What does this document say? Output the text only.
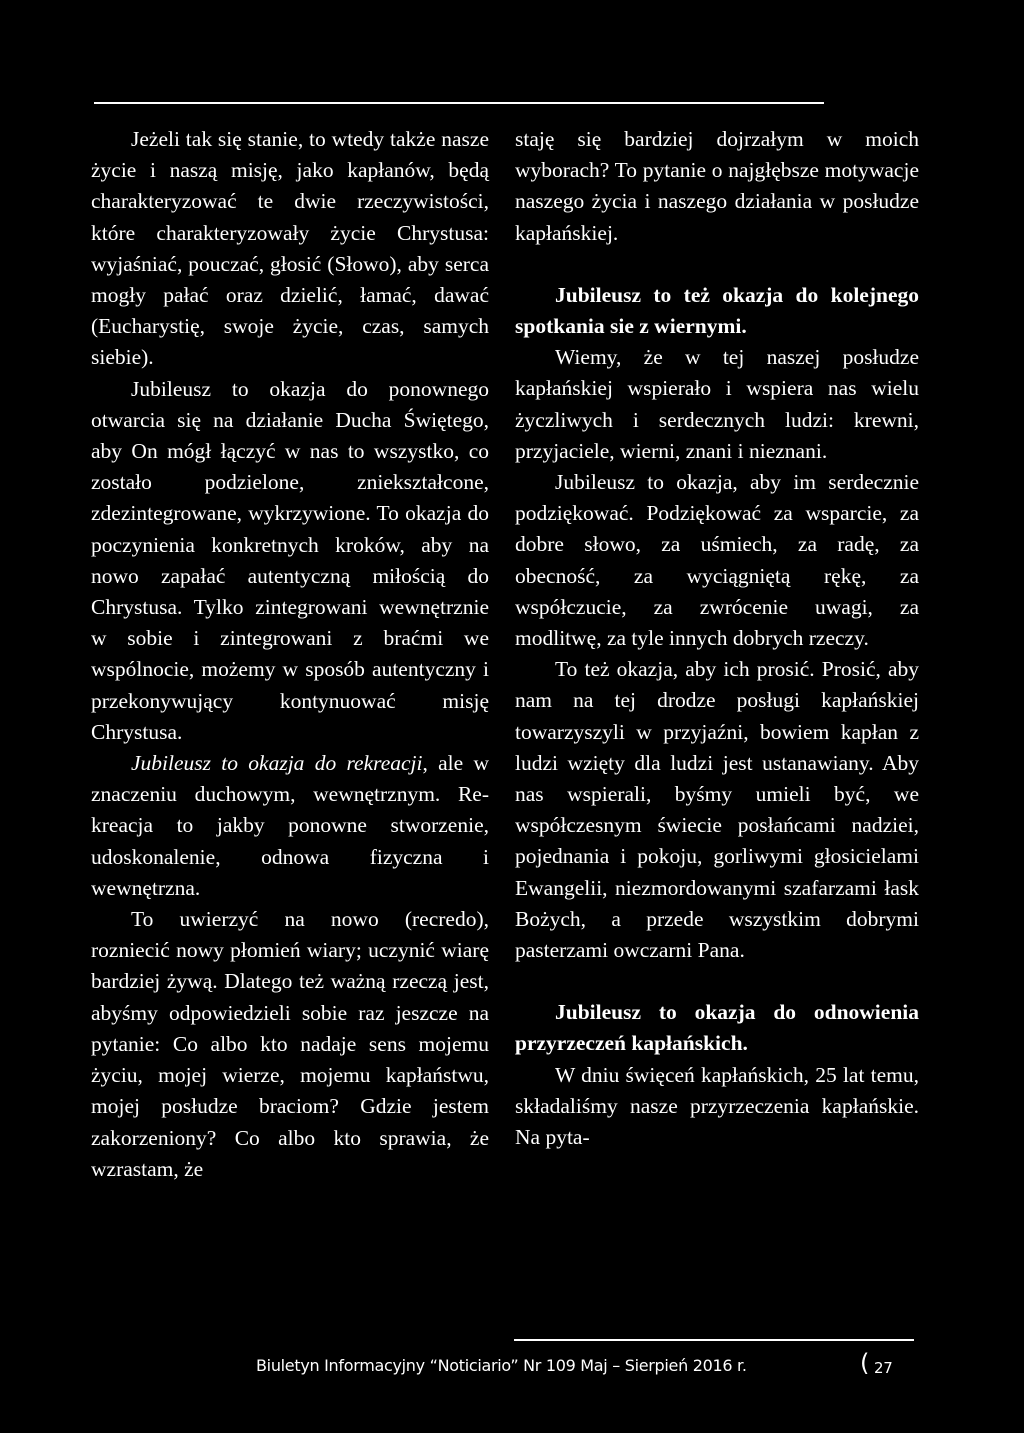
Jeżeli tak się stanie, to wtedy także nasze życie i naszą misję, jako kapłanów, będą charakteryzować te dwie rzeczywistości, które charakteryzowały życie Chrystusa: wyjaśniać, pouczać, głosić (Słowo), aby serca mogły pałać oraz dzielić, łamać, dawać (Eucharystię, swoje życie, czas, samych siebie).

Jubileusz to okazja do ponownego otwarcia się na działanie Ducha Świętego, aby On mógł łączyć w nas to wszystko, co zostało podzielone, zniekształcone, zdezintegrowane, wykrzywione. To okazja do poczynienia konkretnych kroków, aby na nowo zapałać autentyczną miłością do Chrystusa. Tylko zintegrowani wewnętrznie w sobie i zintegrowani z braćmi we wspólnocie, możemy w sposób autentyczny i przekonywujący kontynuować misję Chrystusa.

Jubileusz to okazja do rekreacji, ale w znaczeniu duchowym, wewnętrznym. Re-kreacja to jakby ponowne stworzenie, udoskonalenie, odnowa fizyczna i wewnętrzna.

To uwierzyć na nowo (recredo), rozniecić nowy płomień wiary; uczynić wiarę bardziej żywą. Dlatego też ważną rzeczą jest, abyśmy odpowiedzieli sobie raz jeszcze na pytanie: Co albo kto nadaje sens mojemu życiu, mojej wierze, mojemu kapłaństwu, mojej posłudze braciom? Gdzie jestem zakorzeniony? Co albo kto sprawia, że wzrastam, że

staję się bardziej dojrzałym w moich wyborach? To pytanie o najgłębsze motywacje naszego życia i naszego działania w posłudze kapłańskiej.

Jubileusz to też okazja do kolejnego spotkania sie z wiernymi.

Wiemy, że w tej naszej posłudze kapłańskiej wspierało i wspiera nas wielu życzliwych i serdecznych ludzi: krewni, przyjaciele, wierni, znani i nieznani.

Jubileusz to okazja, aby im serdecznie podziękować. Podziękować za wsparcie, za dobre słowo, za uśmiech, za radę, za obecność, za wyciągniętą rękę, za współczucie, za zwrócenie uwagi, za modlitwę, za tyle innych dobrych rzeczy.

To też okazja, aby ich prosić. Prosić, aby nam na tej drodze posługi kapłańskiej towarzyszyli w przyjaźni, bowiem kapłan z ludzi wzięty dla ludzi jest ustanawiany. Aby nas wspierali, byśmy umieli być, we współczesnym świecie posłańcami nadziei, pojednania i pokoju, gorliwymi głosicielami Ewangelii, niezmordowanymi szafarzami łask Bożych, a przede wszystkim dobrymi pasterzami owczarni Pana.

Jubileusz to okazja do odnowienia przyrzeczeń kapłańskich.

W dniu święceń kapłańskich, 25 lat temu, składaliśmy nasze przyrzeczenia kapłańskie. Na pyta-

Biuletyn Informacyjny “Noticiario” Nr 109 Maj – Sierpień 2016 r.	( 27
